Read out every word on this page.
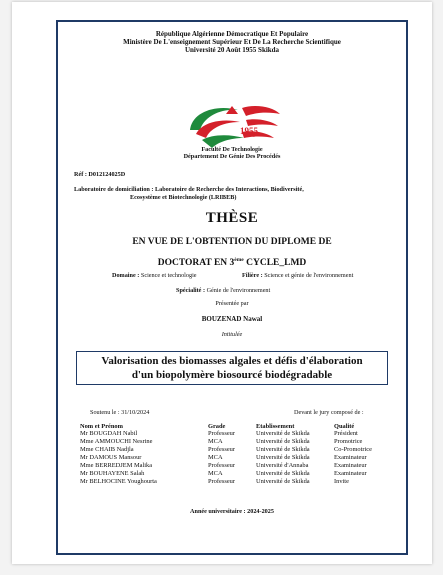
République Algérienne Démocratique Et Populaire
Ministère De L'enseignement Supérieur Et De La Recherche Scientifique
Université 20 Août 1955 Skikda
1955
Faculté De Technologie
Département De Génie Des Procédés
Réf : D012124025D
Laboratoire de domiciliation : Laboratoire de Recherche des Interactions, Biodiversité,
Ecosystème et Biotechnologie (LRIBEB)
THÈSE
EN VUE DE L'OBTENTION DU DIPLOME DE
DOCTORAT EN 3ème CYCLE_LMD
Domaine : Science et technologie	Filière : Science et génie de l'environnement
Spécialité : Génie de l'environnement
Présentée par
BOUZENAD Nawal
Intitulée
Valorisation des biomasses algales et défis d'élaboration
d'un biopolymère biosourcé biodégradable
Soutenu le : 31/10/2024	Devant le jury composé de :
Nom et Prénom	Grade	Etablissement	Qualité
Mr BOUGDAH Nabil	Professeur	Université de Skikda	Président
Mme AMMOUCHI Nesrine	MCA	Université de Skikda	Promotrice
Mme CHAIB Nadjla	Professeur	Université de Skikda	Co-Promotrice
Mr DAMOUS Mansour	MCA	Université de Skikda	Examinateur
Mme BERREDJEM Malika	Professeur	Université d'Annaba	Examinateur
Mr BOUHAYENE Salah	MCA	Université de Skikda	Examinateur
Mr BELHOCINE Youghourta	Professeur	Université de Skikda	Invite
Année universitaire : 2024-2025
